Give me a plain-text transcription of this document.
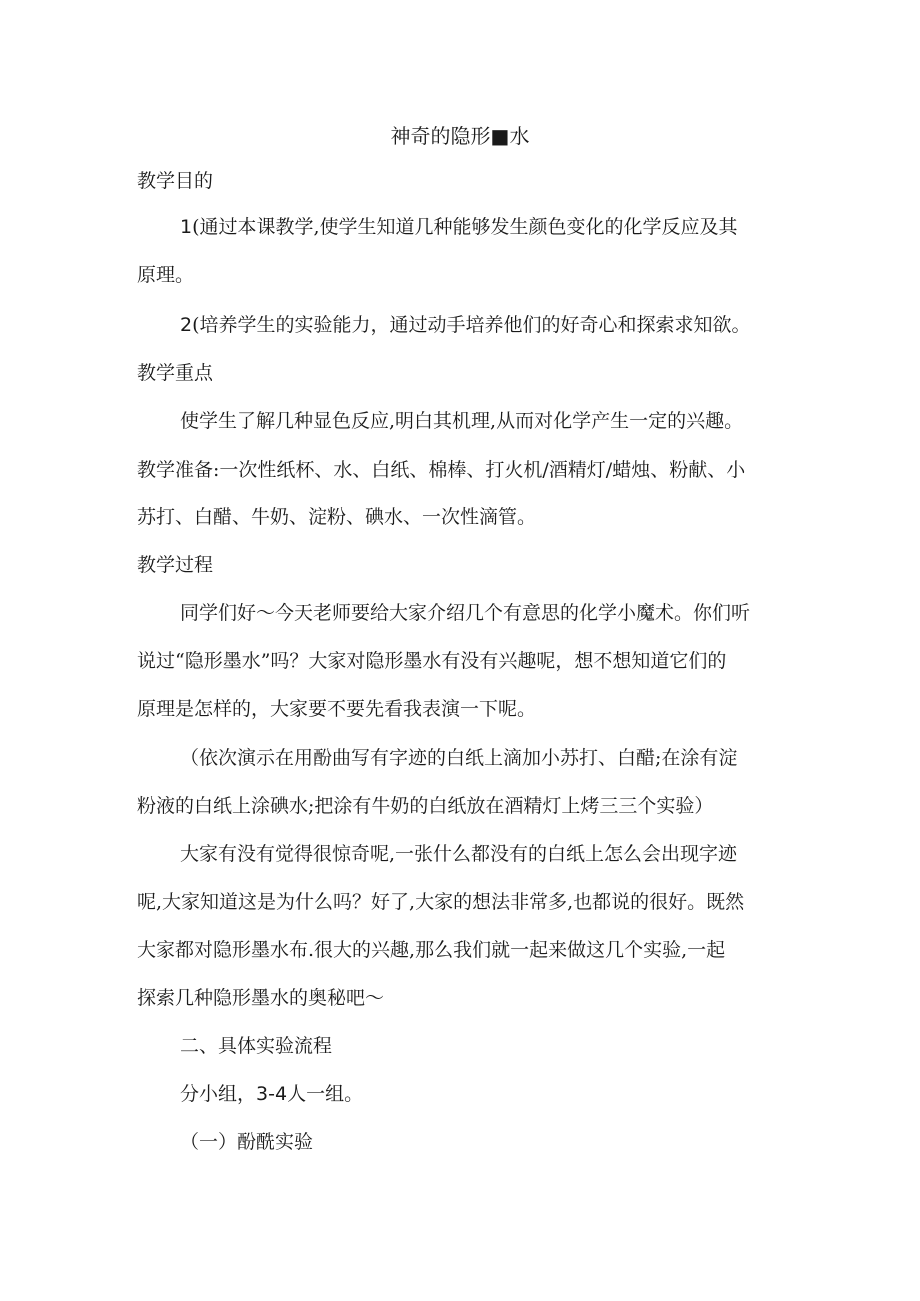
神奇的隐形■水
教学目的
1(通过本课教学,使学生知道几种能够发生颜色变化的化学反应及其
原理。
2(培养学生的实验能力，通过动手培养他们的好奇心和探索求知欲。
教学重点
使学生了解几种显色反应,明白其机理,从而对化学产生一定的兴趣。
教学准备:一次性纸杯、水、白纸、棉棒、打火机/酒精灯/蜡烛、粉献、小
苏打、白醋、牛奶、淀粉、碘水、一次性滴管。
教学过程
同学们好～今天老师要给大家介绍几个有意思的化学小魔术。你们听
说过“隐形墨水”吗？大家对隐形墨水有没有兴趣呢，想不想知道它们的
原理是怎样的，大家要不要先看我表演一下呢。
（依次演示在用酚曲写有字迹的白纸上滴加小苏打、白醋;在涂有淀
粉液的白纸上涂碘水;把涂有牛奶的白纸放在酒精灯上烤三三个实验）
大家有没有觉得很惊奇呢,一张什么都没有的白纸上怎么会出现字迹
呢,大家知道这是为什么吗？好了,大家的想法非常多,也都说的很好。既然
大家都对隐形墨水布.很大的兴趣,那么我们就一起来做这几个实验,一起
探索几种隐形墨水的奥秘吧～
二、具体实验流程
分小组，3-4人一组。
（一）酚酰实验
